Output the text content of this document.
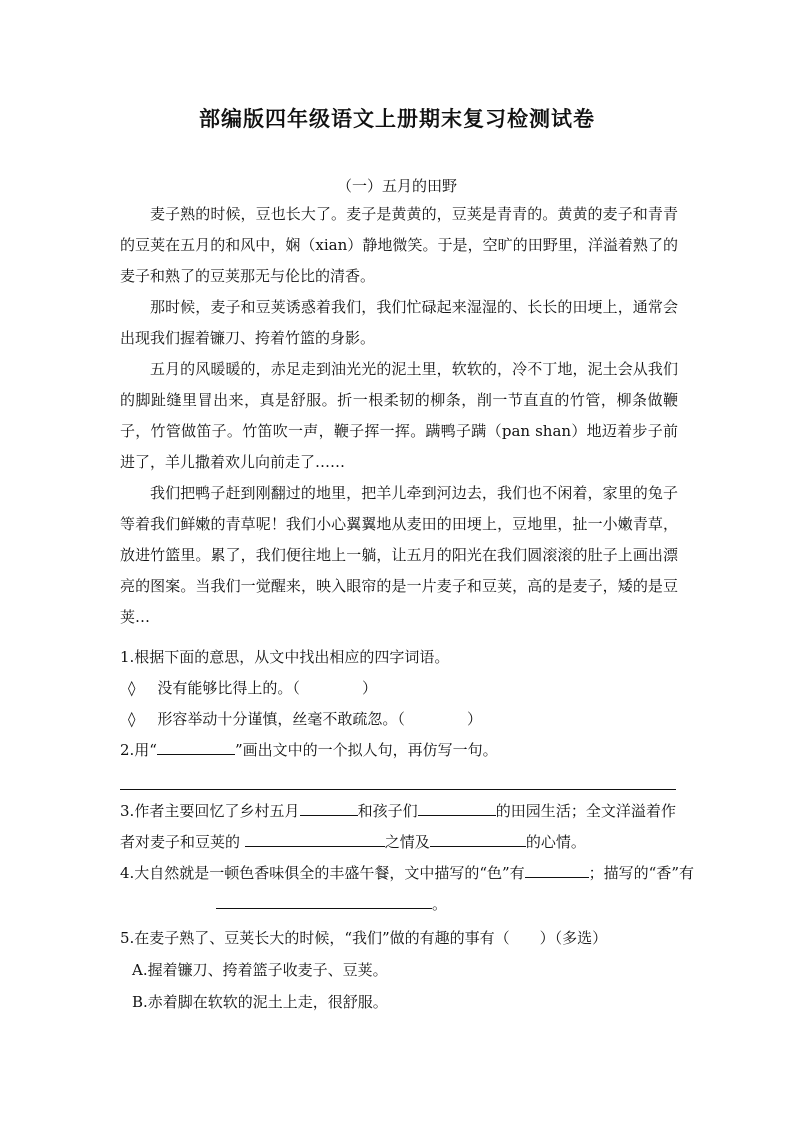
部编版四年级语文上册期末复习检测试卷
（一）五月的田野
麦子熟的时候，豆也长大了。麦子是黄黄的，豆荚是青青的。黄黄的麦子和青青的豆荚在五月的和风中，娴（xian）静地微笑。于是，空旷的田野里，洋溢着熟了的麦子和熟了的豆荚那无与伦比的清香。
那时候，麦子和豆荚诱惑着我们，我们忙碌起来湿湿的、长长的田埂上，通常会出现我们握着镰刀、挎着竹篮的身影。
五月的风暖暖的，赤足走到油光光的泥土里，软软的，冷不丁地，泥土会从我们的脚趾缝里冒出来，真是舒服。折一根柔韧的柳条，削一节直直的竹管，柳条做鞭子，竹管做笛子。竹笛吹一声，鞭子挥一挥。蹒鸭子蹒（pan shan）地迈着步子前进了，羊儿撒着欢儿向前走了……
我们把鸭子赶到刚翻过的地里，把羊儿牵到河边去，我们也不闲着，家里的兔子等着我们鲜嫩的青草呢！我们小心翼翼地从麦田的田埂上，豆地里，扯一小嫩青草，放进竹篮里。累了，我们便往地上一躺，让五月的阳光在我们圆滚滚的肚子上画出漂亮的图案。当我们一觉醒来，映入眼帘的是一片麦子和豆荚，高的是麦子，矮的是豆荚…
1.根据下面的意思，从文中找出相应的四字词语。
◊ 没有能够比得上的。（	）
◊ 形容举动十分谨慎，丝毫不敢疏忽。（	）
2.用“	”画出文中的一个拟人句，再仿写一句。
3.作者主要回忆了乡村五月	和孩子们	的田园生活；全文洋溢着作者对麦子和豆荚的	之情及	的心情。
4.大自然就是一顿色香味俱全的丰盛午餐，文中描写的“色”有	；描写的“香”有
。
5.在麦子熟了、豆荚长大的时候，“我们”做的有趣的事有（ ）（多选）
A.握着镰刀、挎着篮子收麦子、豆荚。
B.赤着脚在软软的泥土上走，很舒服。
